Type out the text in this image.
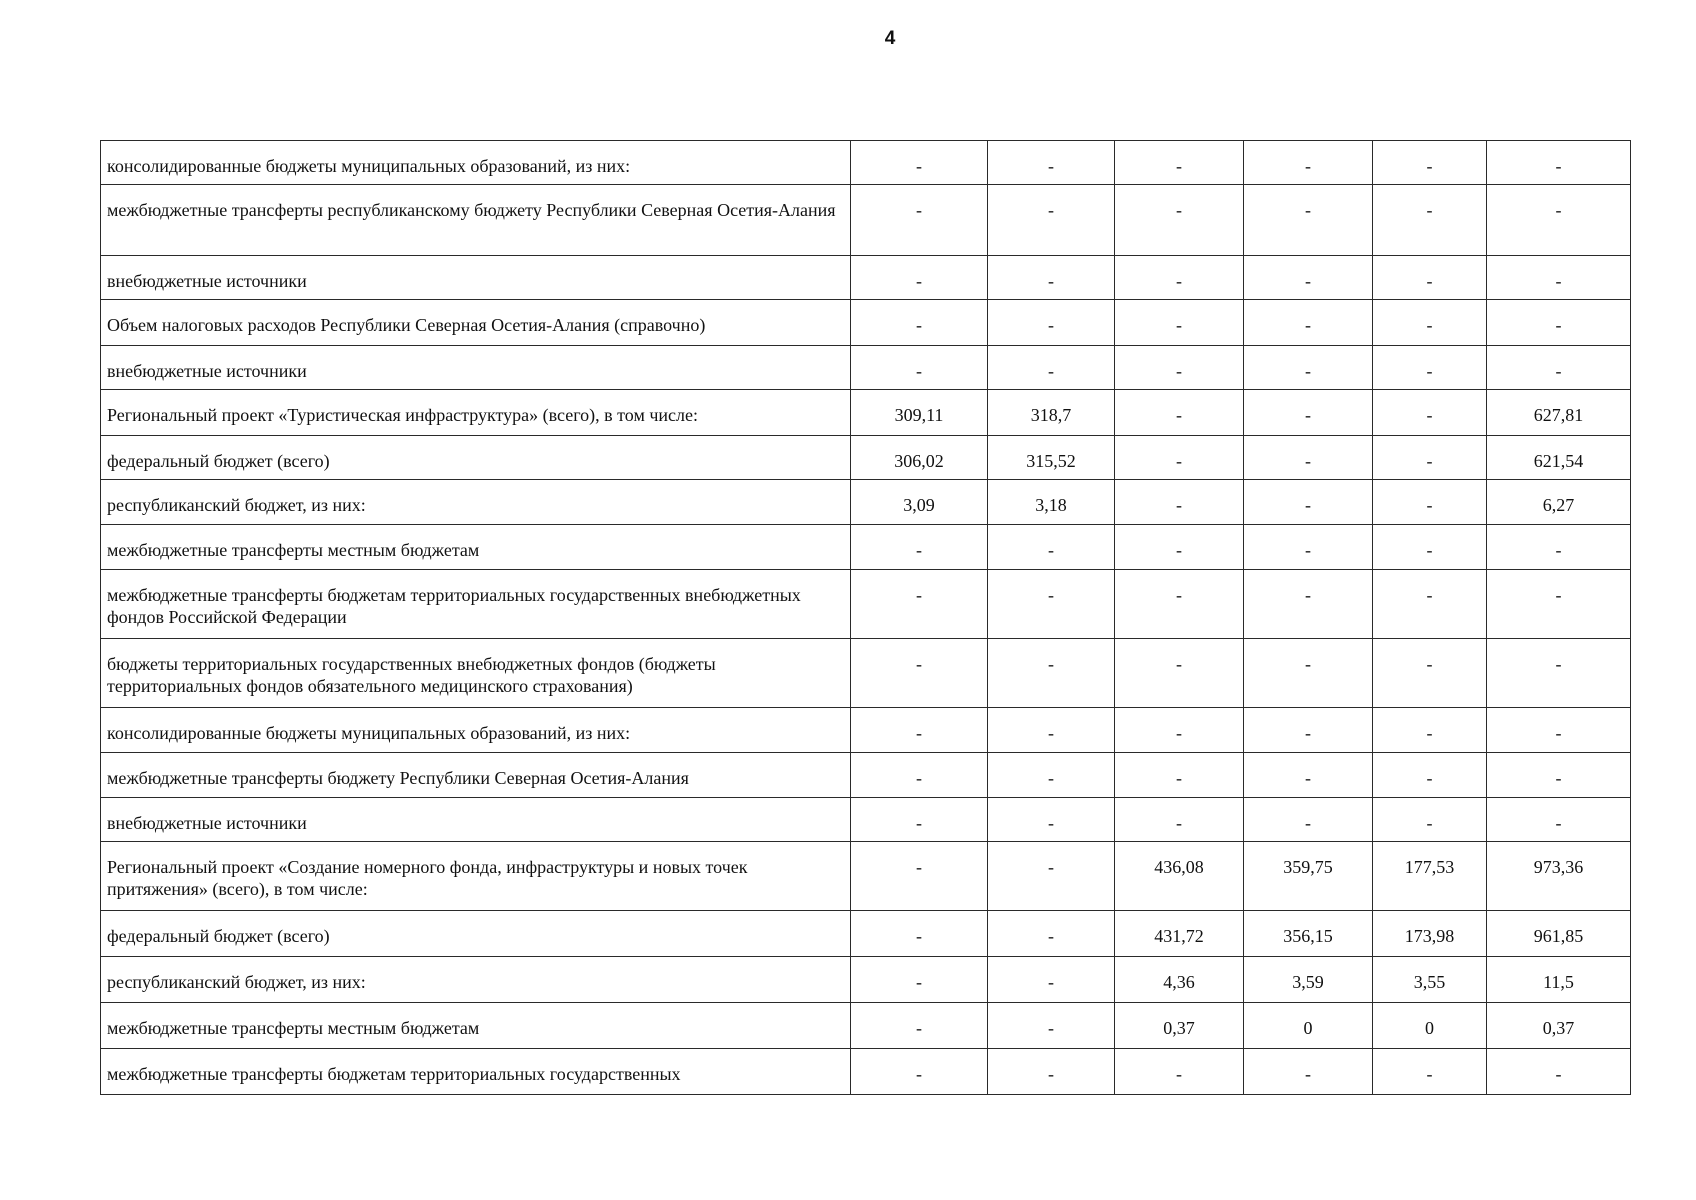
4
консолидированные бюджеты муниципальных образований, из них:	-	-	-	-	-	-
межбюджетные трансферты республиканскому бюджету Республики Северная Осетия-Алания	-	-	-	-	-	-
внебюджетные источники	-	-	-	-	-	-
Объем налоговых расходов Республики Северная Осетия-Алания (справочно)	-	-	-	-	-	-
внебюджетные источники	-	-	-	-	-	-
Региональный проект «Туристическая инфраструктура» (всего), в том числе:	309,11	318,7	-	-	-	627,81
федеральный бюджет (всего)	306,02	315,52	-	-	-	621,54
республиканский бюджет, из них:	3,09	3,18	-	-	-	6,27
межбюджетные трансферты местным бюджетам	-	-	-	-	-	-
межбюджетные трансферты бюджетам территориальных государственных внебюджетных фондов Российской Федерации	-	-	-	-	-	-
бюджеты территориальных государственных внебюджетных фондов (бюджеты территориальных фондов обязательного медицинского страхования)	-	-	-	-	-	-
консолидированные бюджеты муниципальных образований, из них:	-	-	-	-	-	-
межбюджетные трансферты бюджету Республики Северная Осетия-Алания	-	-	-	-	-	-
внебюджетные источники	-	-	-	-	-	-
Региональный проект «Создание номерного фонда, инфраструктуры и новых точек притяжения» (всего), в том числе:	-	-	436,08	359,75	177,53	973,36
федеральный бюджет (всего)	-	-	431,72	356,15	173,98	961,85
республиканский бюджет, из них:	-	-	4,36	3,59	3,55	11,5
межбюджетные трансферты местным бюджетам	-	-	0,37	0	0	0,37
межбюджетные трансферты бюджетам территориальных государственных	-	-	-	-	-	-
